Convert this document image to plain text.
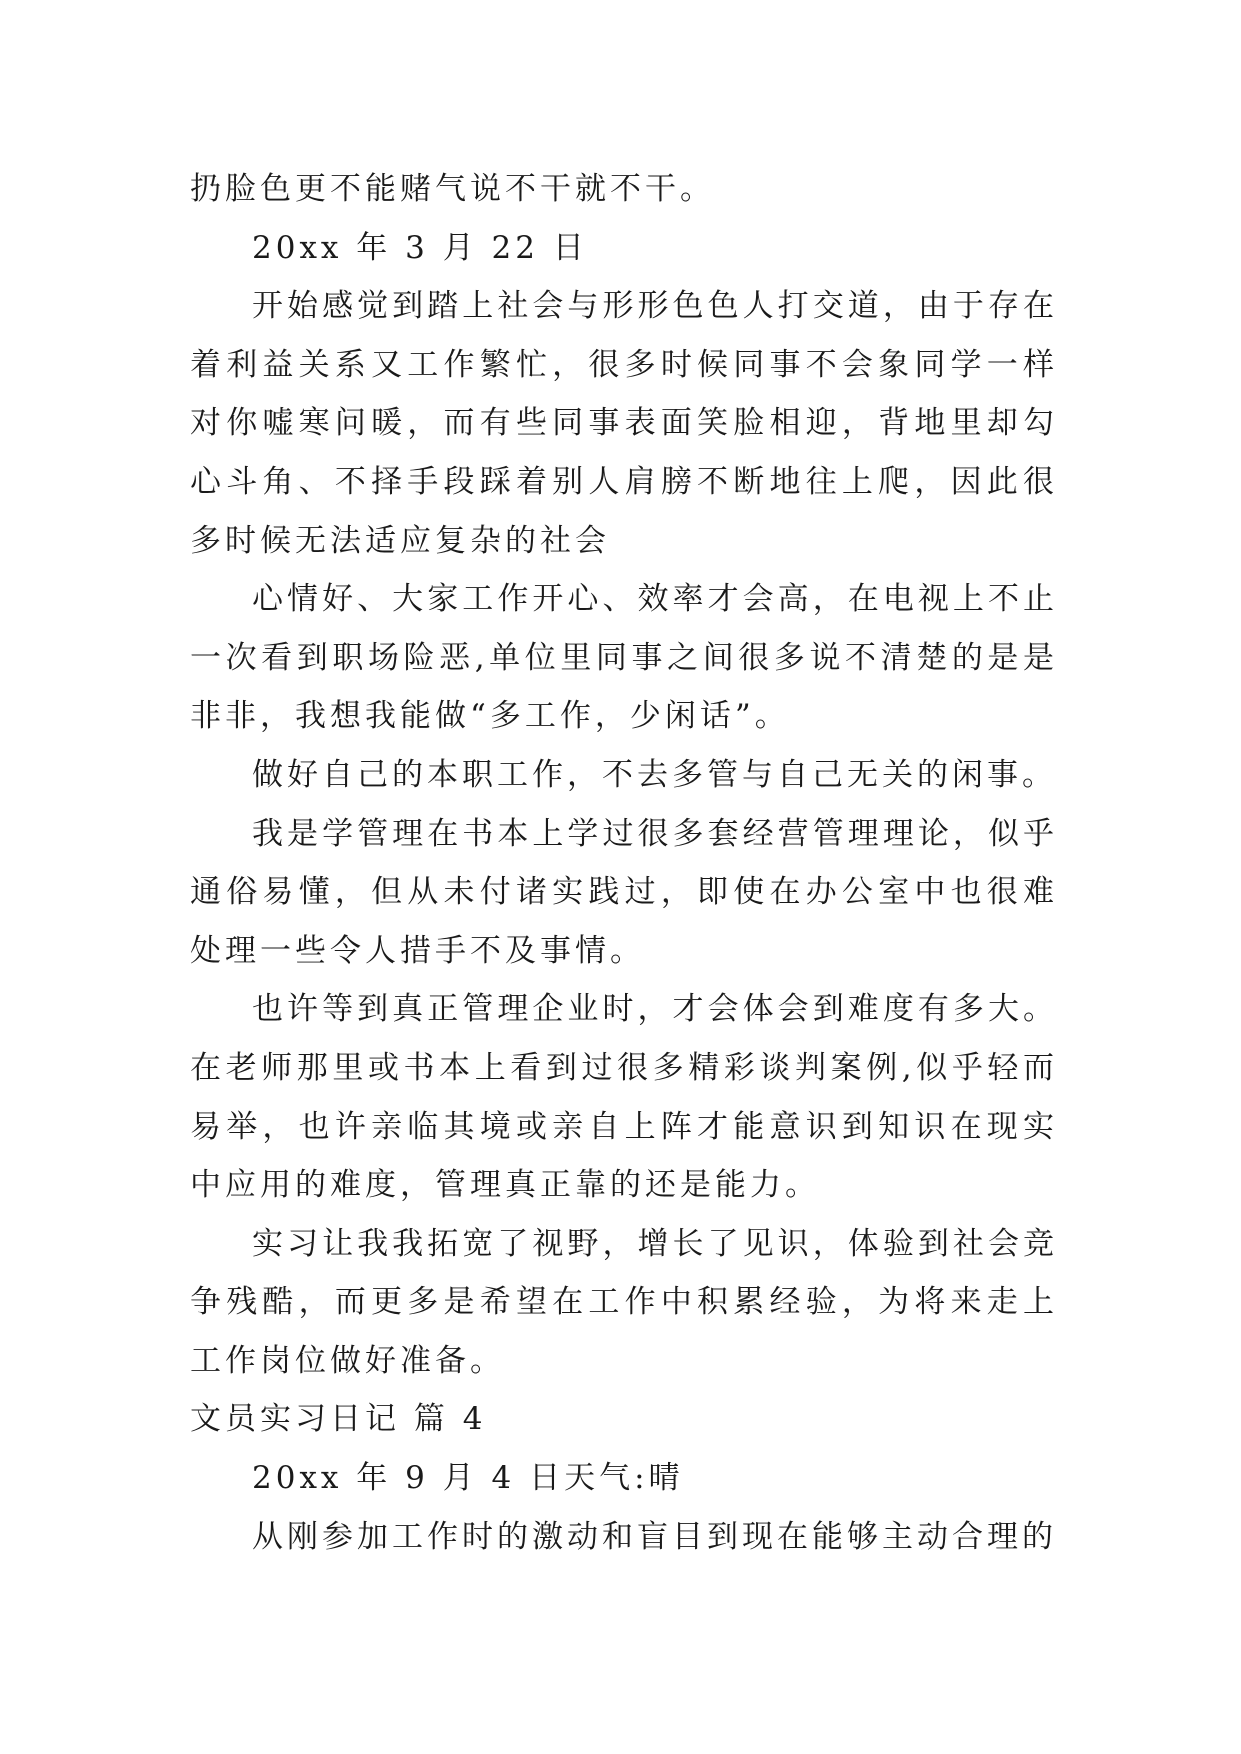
扔脸色更不能赌气说不干就不干。

20xx 年 3 月 22 日

开始感觉到踏上社会与形形色色人打交道，由于存在着利益关系又工作繁忙，很多时候同事不会象同学一样对你嘘寒问暖，而有些同事表面笑脸相迎，背地里却勾心斗角、不择手段踩着别人肩膀不断地往上爬，因此很多时候无法适应复杂的社会

心情好、大家工作开心、效率才会高，在电视上不止一次看到职场险恶,单位里同事之间很多说不清楚的是是非非，我想我能做“多工作，少闲话”。

做好自己的本职工作，不去多管与自己无关的闲事。

我是学管理在书本上学过很多套经营管理理论，似乎通俗易懂，但从未付诸实践过，即使在办公室中也很难处理一些令人措手不及事情。

也许等到真正管理企业时，才会体会到难度有多大。在老师那里或书本上看到过很多精彩谈判案例,似乎轻而易举，也许亲临其境或亲自上阵才能意识到知识在现实中应用的难度，管理真正靠的还是能力。

实习让我我拓宽了视野，增长了见识，体验到社会竞争残酷，而更多是希望在工作中积累经验，为将来走上工作岗位做好准备。

文员实习日记 篇 4

20xx 年 9 月 4 日天气:晴

从刚参加工作时的激动和盲目到现在能够主动合理的
